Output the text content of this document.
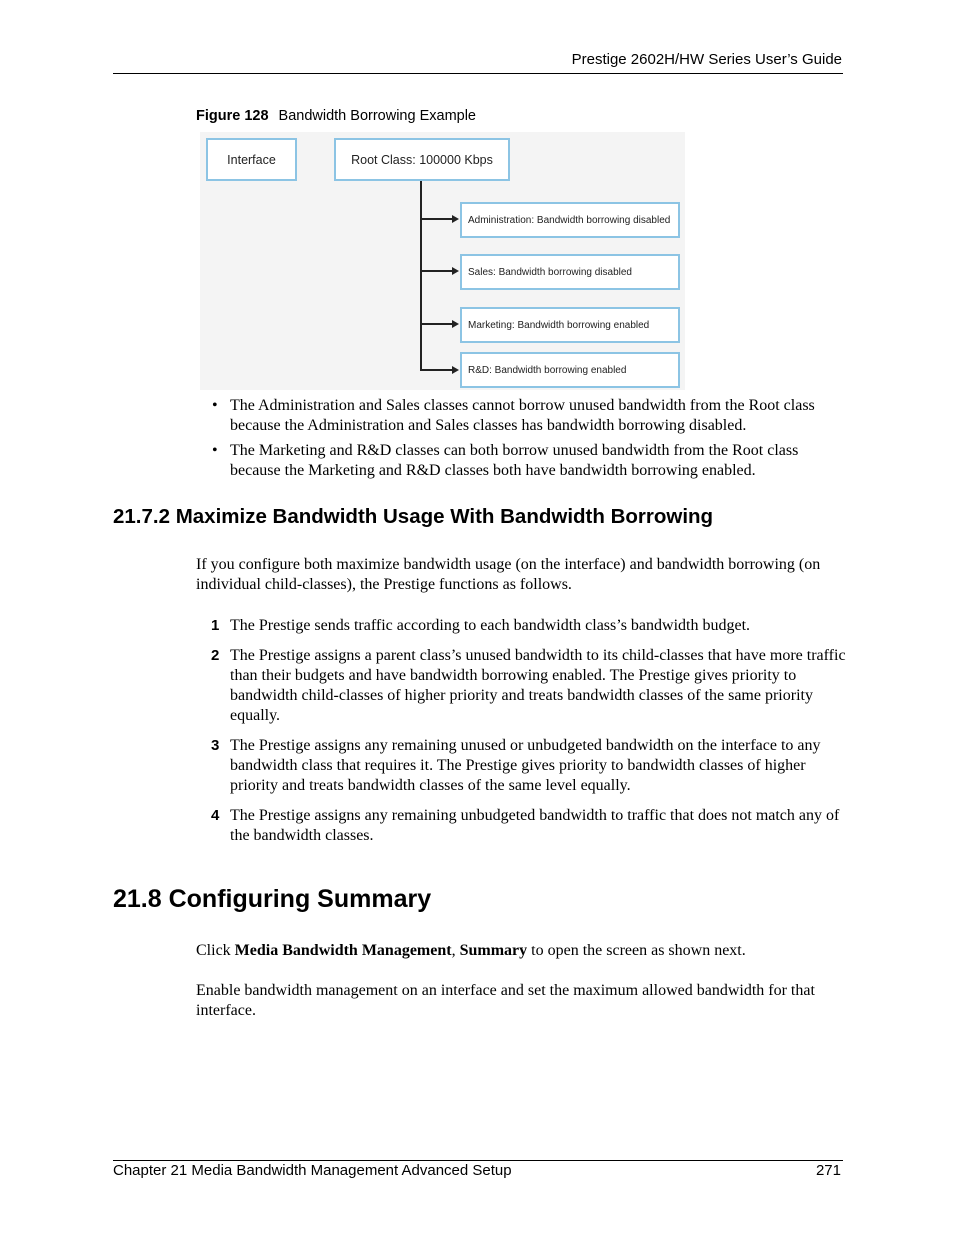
Prestige 2602H/HW Series User’s Guide
Figure 128 Bandwidth Borrowing Example
Interface	Root Class: 100000 Kbps
Administration: Bandwidth borrowing disabled
Sales: Bandwidth borrowing disabled
Marketing: Bandwidth borrowing enabled
R&D: Bandwidth borrowing enabled
• The Administration and Sales classes cannot borrow unused bandwidth from the Root class because the Administration and Sales classes has bandwidth borrowing disabled.
• The Marketing and R&D classes can both borrow unused bandwidth from the Root class because the Marketing and R&D classes both have bandwidth borrowing enabled.
21.7.2 Maximize Bandwidth Usage With Bandwidth Borrowing
If you configure both maximize bandwidth usage (on the interface) and bandwidth borrowing (on individual child-classes), the Prestige functions as follows.
1 The Prestige sends traffic according to each bandwidth class’s bandwidth budget.
2 The Prestige assigns a parent class’s unused bandwidth to its child-classes that have more traffic than their budgets and have bandwidth borrowing enabled. The Prestige gives priority to bandwidth child-classes of higher priority and treats bandwidth classes of the same priority equally.
3 The Prestige assigns any remaining unused or unbudgeted bandwidth on the interface to any bandwidth class that requires it. The Prestige gives priority to bandwidth classes of higher priority and treats bandwidth classes of the same level equally.
4 The Prestige assigns any remaining unbudgeted bandwidth to traffic that does not match any of the bandwidth classes.
21.8 Configuring Summary
Click Media Bandwidth Management, Summary to open the screen as shown next.
Enable bandwidth management on an interface and set the maximum allowed bandwidth for that interface.
Chapter 21 Media Bandwidth Management Advanced Setup	271
